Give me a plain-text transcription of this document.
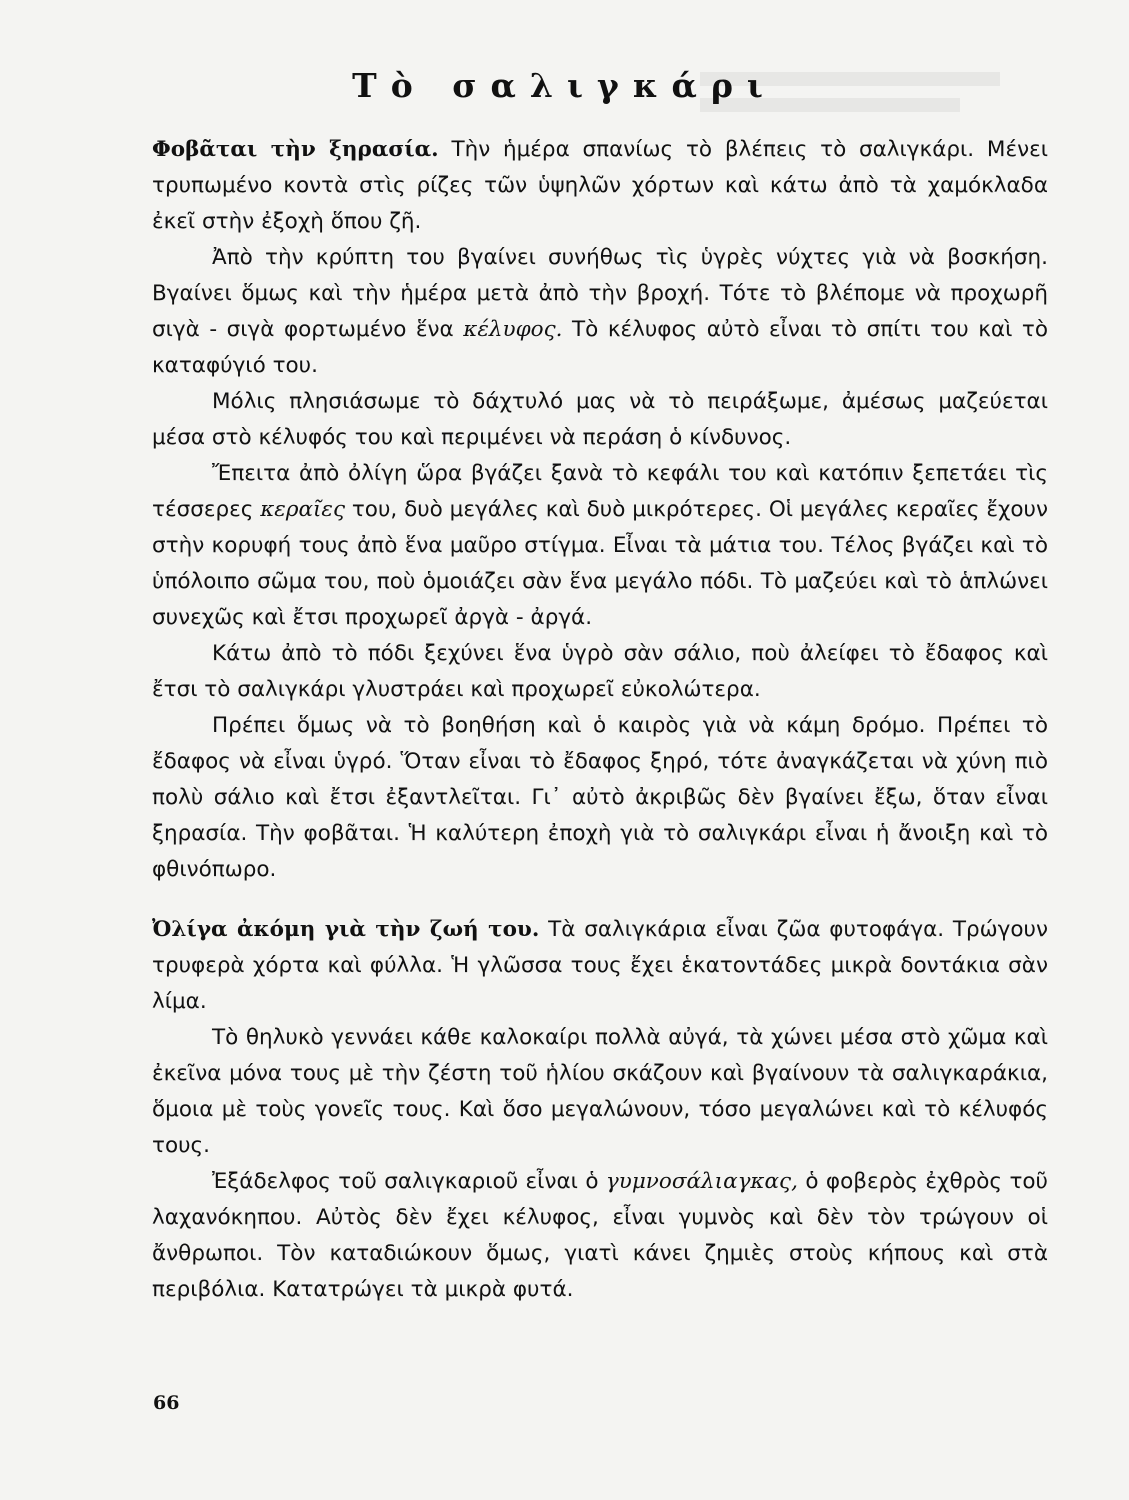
Τὸ σαλιγκάρι

Φοβᾶται τὴν ξηρασία. Τὴν ἡμέρα σπανίως τὸ βλέπεις τὸ σαλιγκάρι. Μένει τρυπωμένο κοντὰ στὶς ρίζες τῶν ὑψηλῶν χόρτων καὶ κάτω ἀπὸ τὰ χαμόκλαδα ἐκεῖ στὴν ἐξοχὴ ὅπου ζῆ.

Ἀπὸ τὴν κρύπτη του βγαίνει συνήθως τὶς ὑγρὲς νύχτες γιὰ νὰ βοσκήση. Βγαίνει ὅμως καὶ τὴν ἡμέρα μετὰ ἀπὸ τὴν βροχή. Τότε τὸ βλέπομε νὰ προχωρῆ σιγὰ - σιγὰ φορτωμένο ἕνα κέλυφος. Τὸ κέλυφος αὐτὸ εἶναι τὸ σπίτι του καὶ τὸ καταφύγιό του.

Μόλις πλησιάσωμε τὸ δάχτυλό μας νὰ τὸ πειράξωμε, ἀμέσως μαζεύεται μέσα στὸ κέλυφός του καὶ περιμένει νὰ περάση ὁ κίνδυνος.

Ἔπειτα ἀπὸ ὀλίγη ὥρα βγάζει ξανὰ τὸ κεφάλι του καὶ κατόπιν ξεπετάει τὶς τέσσερες κεραῖες του, δυὸ μεγάλες καὶ δυὸ μικρότερες. Οἱ μεγάλες κεραῖες ἔχουν στὴν κορυφή τους ἀπὸ ἕνα μαῦρο στίγμα. Εἶναι τὰ μάτια του. Τέλος βγάζει καὶ τὸ ὑπόλοιπο σῶμα του, ποὺ ὁμοιάζει σὰν ἕνα μεγάλο πόδι. Τὸ μαζεύει καὶ τὸ ἁπλώνει συνεχῶς καὶ ἔτσι προχωρεῖ ἀργὰ - ἀργά.

Κάτω ἀπὸ τὸ πόδι ξεχύνει ἕνα ὑγρὸ σὰν σάλιο, ποὺ ἀλείφει τὸ ἔδαφος καὶ ἔτσι τὸ σαλιγκάρι γλυστράει καὶ προχωρεῖ εὐκολώτερα.

Πρέπει ὅμως νὰ τὸ βοηθήση καὶ ὁ καιρὸς γιὰ νὰ κάμη δρόμο. Πρέπει τὸ ἔδαφος νὰ εἶναι ὑγρό. Ὅταν εἶναι τὸ ἔδαφος ξηρό, τότε ἀναγκάζεται νὰ χύνη πιὸ πολὺ σάλιο καὶ ἔτσι ἐξαντλεῖται. Γι᾽ αὐτὸ ἀκριβῶς δὲν βγαίνει ἔξω, ὅταν εἶναι ξηρασία. Τὴν φοβᾶται. Ἡ καλύτερη ἐποχὴ γιὰ τὸ σαλιγκάρι εἶναι ἡ ἄνοιξη καὶ τὸ φθινόπωρο.

Ὀλίγα ἀκόμη γιὰ τὴν ζωή του. Τὰ σαλιγκάρια εἶναι ζῶα φυτοφάγα. Τρώγουν τρυφερὰ χόρτα καὶ φύλλα. Ἡ γλῶσσα τους ἔχει ἑκατοντάδες μικρὰ δοντάκια σὰν λίμα.

Τὸ θηλυκὸ γεννάει κάθε καλοκαίρι πολλὰ αὐγά, τὰ χώνει μέσα στὸ χῶμα καὶ ἐκεῖνα μόνα τους μὲ τὴν ζέστη τοῦ ἡλίου σκάζουν καὶ βγαίνουν τὰ σαλιγκαράκια, ὅμοια μὲ τοὺς γονεῖς τους. Καὶ ὅσο μεγαλώνουν, τόσο μεγαλώνει καὶ τὸ κέλυφός τους.

Ἐξάδελφος τοῦ σαλιγκαριοῦ εἶναι ὁ γυμνοσάλιαγκας, ὁ φοβερὸς ἐχθρὸς τοῦ λαχανόκηπου. Αὐτὸς δὲν ἔχει κέλυφος, εἶναι γυμνὸς καὶ δὲν τὸν τρώγουν οἱ ἄνθρωποι. Τὸν καταδιώκουν ὅμως, γιατὶ κάνει ζημιὲς στοὺς κήπους καὶ στὰ περιβόλια. Κατατρώγει τὰ μικρὰ φυτά.

66
